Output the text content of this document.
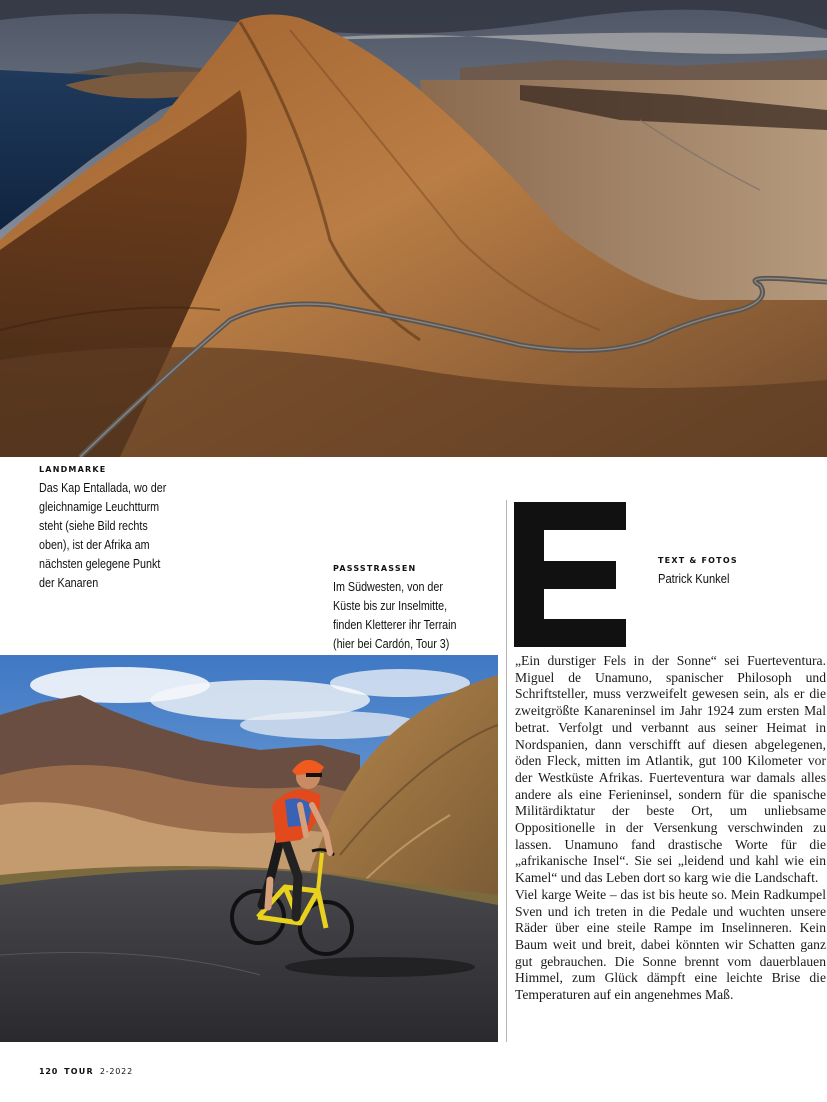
LANDMARKE
Das Kap Entallada, wo der
gleichnamige Leuchtturm
steht (siehe Bild rechts
oben), ist der Afrika am
nächsten gelegene Punkt
der Kanaren
PASSSTRASSEN
Im Südwesten, von der
Küste bis zur Inselmitte,
finden Kletterer ihr Terrain
(hier bei Cardón, Tour 3)
TEXT & FOTOS
Patrick Kunkel

„Ein durstiger Fels in der Sonne“ sei Fuerteventura. Miguel de Unamuno, spanischer Philosoph und Schriftsteller, muss verzweifelt gewesen sein, als er die zweitgrößte Kanareninsel im Jahr 1924 zum ersten Mal betrat. Verfolgt und verbannt aus seiner Heimat in Nordspanien, dann verschifft auf diesen abgelegenen, öden Fleck, mitten im Atlantik, gut 100 Kilometer vor der Westküste Afrikas. Fuerteventura war damals alles andere als eine Ferieninsel, sondern für die spanische Militärdiktatur der beste Ort, um unliebsame Oppositionelle in der Versenkung verschwinden zu lassen. Unamuno fand drastische Worte für die „afrikanische Insel“. Sie sei „leidend und kahl wie ein Kamel“ und das Leben dort so karg wie die Landschaft.

Viel karge Weite – das ist bis heute so. Mein Radkumpel Sven und ich treten in die Pedale und wuchten unsere Räder über eine steile Rampe im Inselinneren. Kein Baum weit und breit, dabei könnten wir Schatten ganz gut gebrauchen. Die Sonne brennt vom dauerblauen Himmel, zum Glück dämpft eine leichte Brise die Temperaturen auf ein angenehmes Maß.

120 TOUR 2-2022
